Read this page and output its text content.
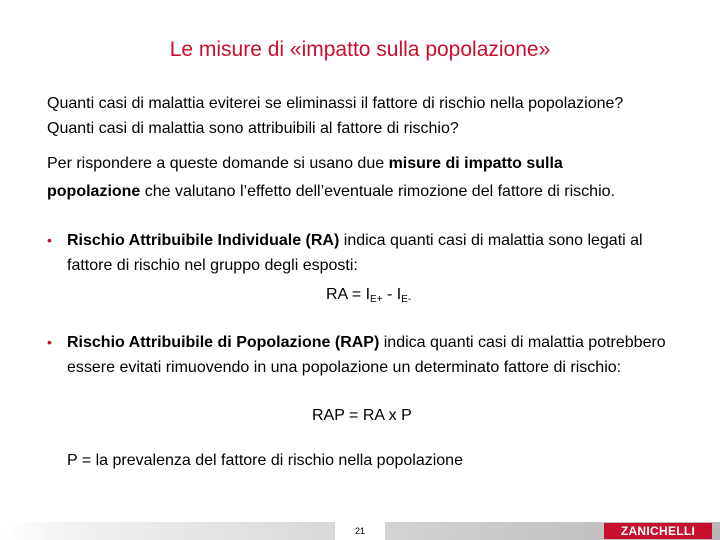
Le misure di «impatto sulla popolazione»

Quanti casi di malattia eviterei se eliminassi il fattore di rischio nella popolazione?
Quanti casi di malattia sono attribuibili al fattore di rischio?

Per rispondere a queste domande si usano due misure di impatto sulla
popolazione che valutano l’effetto dell’eventuale rimozione del fattore di rischio.

• Rischio Attribuibile Individuale (RA) indica quanti casi di malattia sono legati al fattore di rischio nel gruppo degli esposti:
RA = $I_{E+} - I_{E-}$
• Rischio Attribuibile di Popolazione (RAP) indica quanti casi di malattia potrebbero essere evitati rimuovendo in una popolazione un determinato fattore di rischio:
RAP = RA x P
P = la prevalenza del fattore di rischio nella popolazione
21	ZANICHELLI
